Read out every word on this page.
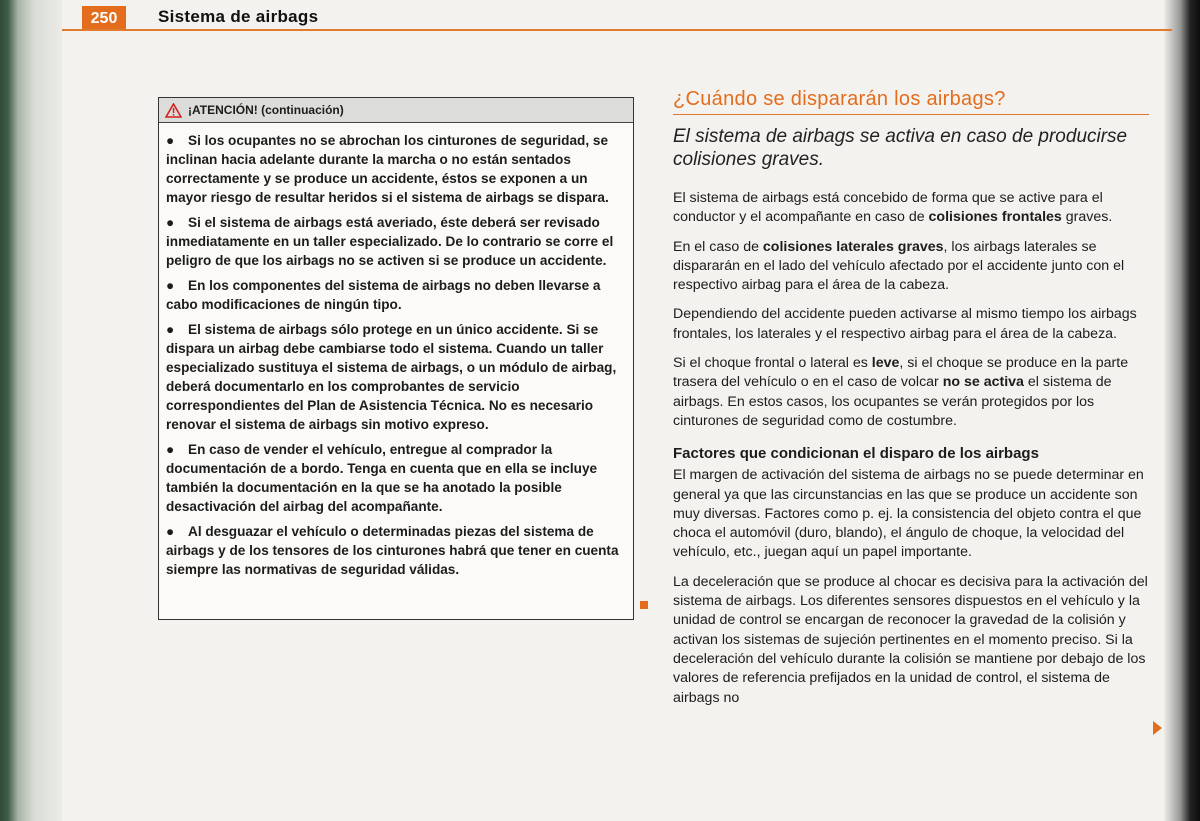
250	Sistema de airbags
¡ATENCIÓN! (continuación)
● Si los ocupantes no se abrochan los cinturones de seguridad, se inclinan hacia adelante durante la marcha o no están sentados correctamente y se produce un accidente, éstos se exponen a un mayor riesgo de resultar heridos si el sistema de airbags se dispara.
● Si el sistema de airbags está averiado, éste deberá ser revisado inmediatamente en un taller especializado. De lo contrario se corre el peligro de que los airbags no se activen si se produce un accidente.
● En los componentes del sistema de airbags no deben llevarse a cabo modificaciones de ningún tipo.
● El sistema de airbags sólo protege en un único accidente. Si se dispara un airbag debe cambiarse todo el sistema. Cuando un taller especializado sustituya el sistema de airbags, o un módulo de airbag, deberá documentarlo en los comprobantes de servicio correspondientes del Plan de Asistencia Técnica. No es necesario renovar el sistema de airbags sin motivo expreso.
● En caso de vender el vehículo, entregue al comprador la documentación de a bordo. Tenga en cuenta que en ella se incluye también la documentación en la que se ha anotado la posible desactivación del airbag del acompañante.
● Al desguazar el vehículo o determinadas piezas del sistema de airbags y de los tensores de los cinturones habrá que tener en cuenta siempre las normativas de seguridad válidas.
¿Cuándo se dispararán los airbags?

El sistema de airbags se activa en caso de producirse colisiones graves.

El sistema de airbags está concebido de forma que se active para el conductor y el acompañante en caso de colisiones frontales graves.

En el caso de colisiones laterales graves, los airbags laterales se dispararán en el lado del vehículo afectado por el accidente junto con el respectivo airbag para el área de la cabeza.

Dependiendo del accidente pueden activarse al mismo tiempo los airbags frontales, los laterales y el respectivo airbag para el área de la cabeza.

Si el choque frontal o lateral es leve, si el choque se produce en la parte trasera del vehículo o en el caso de volcar no se activa el sistema de airbags. En estos casos, los ocupantes se verán protegidos por los cinturones de seguridad como de costumbre.

Factores que condicionan el disparo de los airbags

El margen de activación del sistema de airbags no se puede determinar en general ya que las circunstancias en las que se produce un accidente son muy diversas. Factores como p. ej. la consistencia del objeto contra el que choca el automóvil (duro, blando), el ángulo de choque, la velocidad del vehículo, etc., juegan aquí un papel importante.

La deceleración que se produce al chocar es decisiva para la activación del sistema de airbags. Los diferentes sensores dispuestos en el vehículo y la unidad de control se encargan de reconocer la gravedad de la colisión y activan los sistemas de sujeción pertinentes en el momento preciso. Si la deceleración del vehículo durante la colisión se mantiene por debajo de los valores de referencia prefijados en la unidad de control, el sistema de airbags no
